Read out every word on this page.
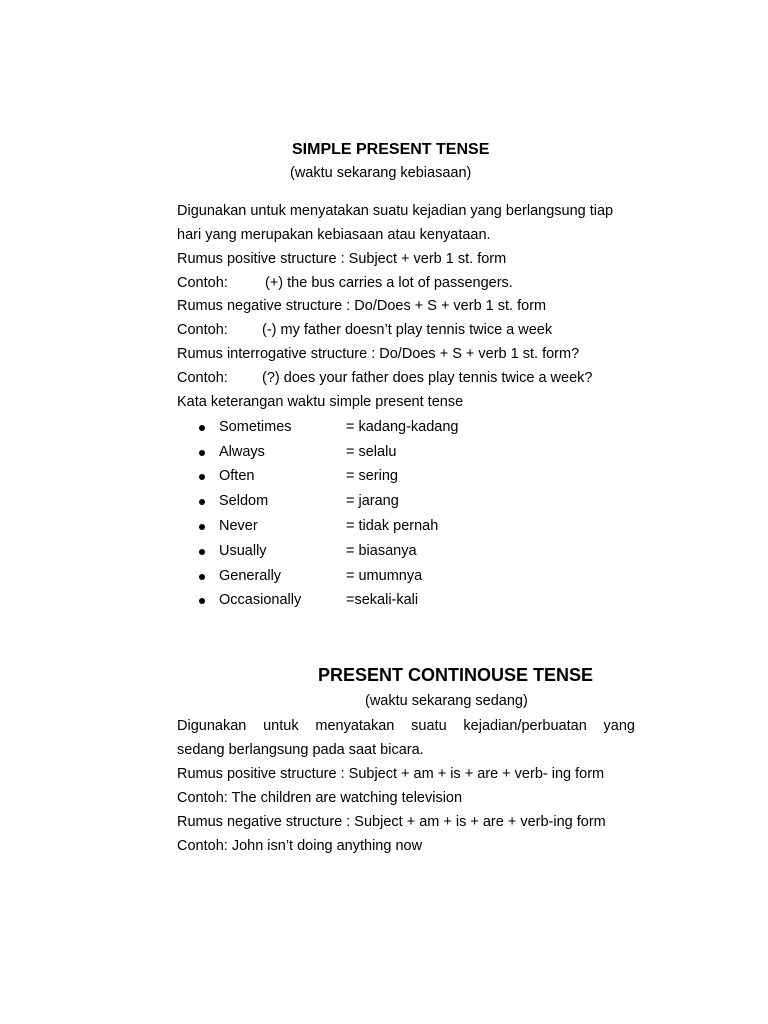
SIMPLE PRESENT TENSE
(waktu sekarang kebiasaan)
Digunakan untuk menyatakan suatu kejadian yang berlangsung tiap
hari yang merupakan kebiasaan atau kenyataan.
Rumus positive structure : Subject + verb 1 st. form
Contoh:	(+) the bus carries a lot of passengers.
Rumus negative structure : Do/Does + S + verb 1 st. form
Contoh: (-) my father doesn’t play tennis twice a week
Rumus interrogative structure : Do/Does + S + verb 1 st. form?
Contoh: (?) does your father does play tennis twice a week?
Kata keterangan waktu simple present tense
Sometimes	= kadang-kadang
Always	= selalu
Often	= sering
Seldom	= jarang
Never	= tidak pernah
Usually	= biasanya
Generally	= umumnya
Occasionally	=sekali-kali
PRESENT CONTINOUSE TENSE
(waktu sekarang sedang)
Digunakan untuk menyatakan suatu kejadian/perbuatan yang
sedang berlangsung pada saat bicara.
Rumus positive structure : Subject + am + is + are + verb- ing form
Contoh: The children are watching television
Rumus negative structure : Subject + am + is + are + verb-ing form
Contoh: John isn’t doing anything now
